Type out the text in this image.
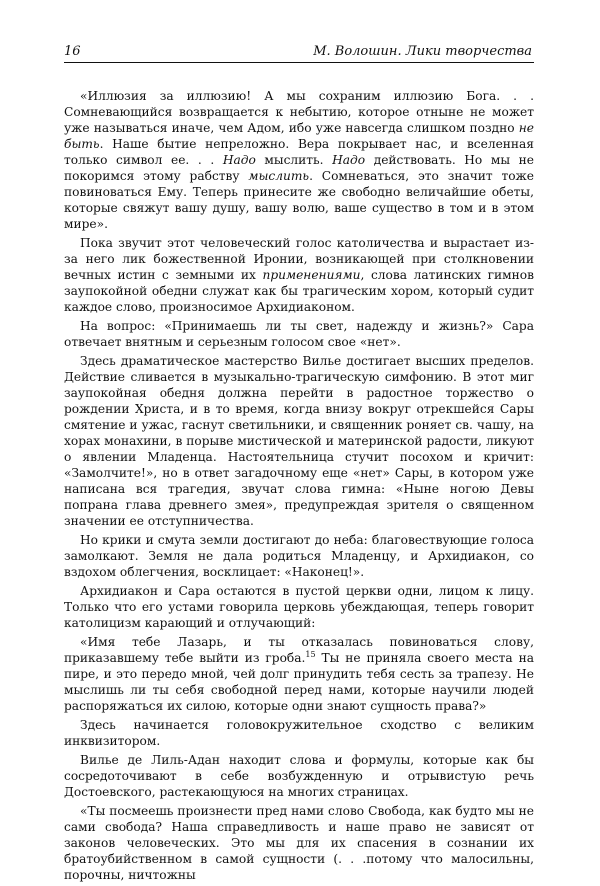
16	М. Волошин. Лики творчества

«Иллюзия за иллюзию! А мы сохраним иллюзию Бога. . . Сомневающийся возвращается к небытию, которое отныне не может уже называться иначе, чем Адом, ибо уже навсегда слишком поздно не быть. Наше бытие непреложно. Вера покрывает нас, и вселенная только символ ее. . . Надо мыслить. Надо действовать. Но мы не покоримся этому рабству мыслить. Сомневаться, это значит тоже повиноваться Ему. Теперь принесите же свободно величайшие обеты, которые свяжут вашу душу, вашу волю, ваше существо в том и в этом мире».

Пока звучит этот человеческий голос католичества и вырастает из-за него лик божественной Иронии, возникающей при столкновении вечных истин с земными их применениями, слова латинских гимнов заупокойной обедни служат как бы трагическим хором, который судит каждое слово, произносимое Архидиаконом.

На вопрос: «Принимаешь ли ты свет, надежду и жизнь?» Сара отвечает внятным и серьезным голосом свое «нет».

Здесь драматическое мастерство Вилье достигает высших пределов. Действие сливается в музыкально-трагическую симфонию. В этот миг заупокойная обедня должна перейти в радостное торжество о рождении Христа, и в то время, когда внизу вокруг отрекшейся Сары смятение и ужас, гаснут светильники, и священник роняет св. чашу, на хорах монахини, в порыве мистической и материнской радости, ликуют о явлении Младенца. Настоятельница стучит посохом и кричит: «Замолчите!», но в ответ загадочному еще «нет» Сары, в котором уже написана вся трагедия, звучат слова гимна: «Ныне ногою Девы попрана глава древнего змея», предупреждая зрителя о священном значении ее отступничества.

Но крики и смута земли достигают до неба: благовествующие голоса замолкают. Земля не дала родиться Младенцу, и Архидиакон, со вздохом облегчения, восклицает: «Наконец!».

Архидиакон и Сара остаются в пустой церкви одни, лицом к лицу. Только что его устами говорила церковь убеждающая, теперь говорит католицизм карающий и отлучающий:

«Имя тебе Лазарь, и ты отказалась повиноваться слову, приказавшему тебе выйти из гроба.$^{15}$ Ты не приняла своего места на пире, и это передо мной, чей долг принудить тебя сесть за трапезу. Не мыслишь ли ты себя свободной перед нами, которые научили людей распоряжаться их силою, которые одни знают сущность права?»

Здесь начинается головокружительное сходство с великим инквизитором.

Вилье де Лиль-Адан находит слова и формулы, которые как бы сосредоточивают в себе возбужденную и отрывистую речь Достоевского, растекающуюся на многих страницах.

«Ты посмеешь произнести пред нами слово Свобода, как будто мы не сами свобода? Наша справедливость и наше право не зависят от законов человеческих. Это мы для их спасения в сознании их братоубийственном в самой сущности (. . .потому что малосильны, порочны, ничтожны
